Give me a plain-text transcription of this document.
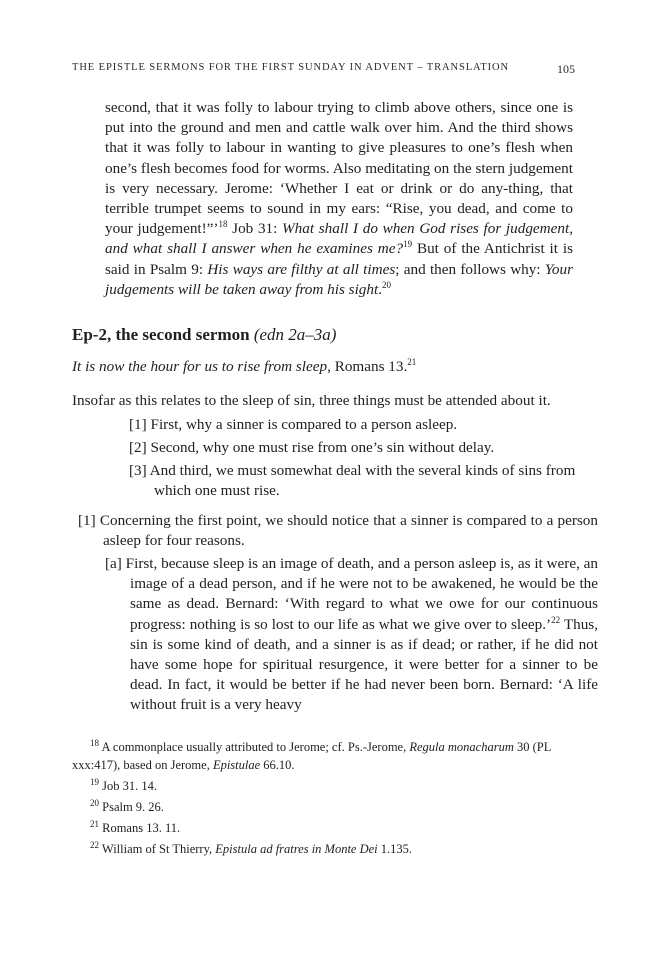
THE EPISTLE SERMONS FOR THE FIRST SUNDAY IN ADVENT – TRANSLATION	105

second, that it was folly to labour trying to climb above others, since one is put into the ground and men and cattle walk over him. And the third shows that it was folly to labour in wanting to give pleasures to one’s flesh when one’s flesh becomes food for worms. Also meditating on the stern judgement is very necessary. Jerome: ‘Whether I eat or drink or do any-thing, that terrible trumpet seems to sound in my ears: “Rise, you dead, and come to your judgement!”’$^{18}$ Job 31: What shall I do when God rises for judgement, and what shall I answer when he examines me?$^{19}$ But of the Antichrist it is said in Psalm 9: His ways are filthy at all times; and then follows why: Your judgements will be taken away from his sight.$^{20}$

Ep-2, the second sermon (edn 2a–3a)

It is now the hour for us to rise from sleep, Romans 13.21

Insofar as this relates to the sleep of sin, three things must be attended about it.

[1] First, why a sinner is compared to a person asleep.

[2] Second, why one must rise from one’s sin without delay.

[3] And third, we must somewhat deal with the several kinds of sins from which one must rise.

[1] Concerning the first point, we should notice that a sinner is compared to a person asleep for four reasons.

[a] First, because sleep is an image of death, and a person asleep is, as it were, an image of a dead person, and if he were not to be awakened, he would be the same as dead. Bernard: ‘With regard to what we owe for our continuous progress: nothing is so lost to our life as what we give over to sleep.’$^{22}$ Thus, sin is some kind of death, and a sinner is as if dead; or rather, if he did not have some hope for spiritual resurgence, it were better for a sinner to be dead. In fact, it would be better if he had never been born. Bernard: ‘A life without fruit is a very heavy

$^{18}$ A commonplace usually attributed to Jerome; cf. Ps.-Jerome, Regula monacharum 30 (PL xxx:417), based on Jerome, Epistulae 66.10.

$^{19}$ Job 31. 14.

$^{20}$ Psalm 9. 26.

$^{21}$ Romans 13. 11.

$^{22}$ William of St Thierry, Epistula ad fratres in Monte Dei 1.135.
